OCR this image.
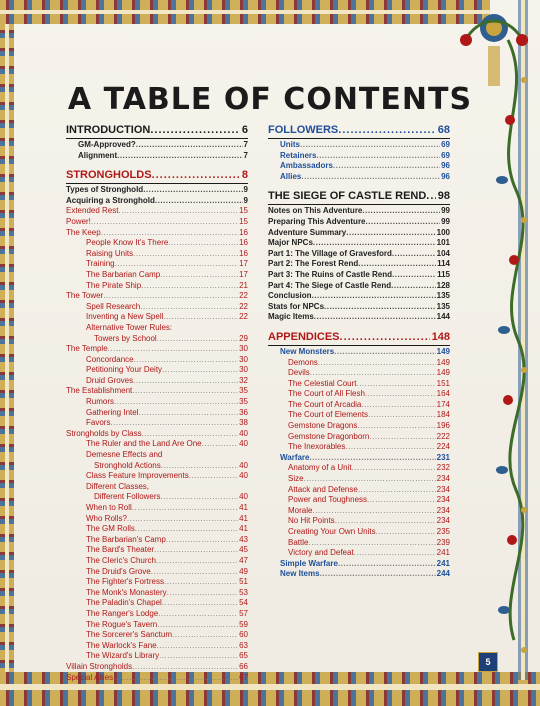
5
A TABLE OF CONTENTS
INTRODUCTION .....	6
GM-Approved? .....	7
Alignment .....	7
STRONGHOLDS .....	8
Types of Stronghold .....	9
Acquiring a Stronghold .....	9
Extended Rest .....	15
Power! .....	15
The Keep .....	16
People Know It's There .....	16
Raising Units .....	16
Training .....	17
The Barbarian Camp .....	17
The Pirate Ship .....	21
The Tower .....	22
Spell Research .....	22
Inventing a New Spell .....	22
Alternative Tower Rules:
Towers by School .....	29
The Temple .....	30
Concordance .....	30
Petitioning Your Deity .....	30
Druid Groves .....	32
The Establishment .....	35
Rumors .....	35
Gathering Intel .....	36
Favors .....	38
Strongholds by Class .....	40
The Ruler and the Land Are One .....	40
Demesne Effects and
Stronghold Actions .....	40
Class Feature Improvements .....	40
Different Classes,
Different Followers .....	40
When to Roll .....	41
Who Rolls? .....	41
The GM Rolls .....	41
The Barbarian's Camp .....	43
The Bard's Theater .....	45
The Cleric's Church .....	47
The Druid's Grove .....	49
The Fighter's Fortress .....	51
The Monk's Monastery .....	53
The Paladin's Chapel .....	54
The Ranger's Lodge .....	57
The Rogue's Tavern .....	59
The Sorcerer's Sanctum .....	60
The Warlock's Fane .....	63
The Wizard's Library .....	65
Villain Strongholds .....	66
Special Allies .....	67
FOLLOWERS .....	68
Units .....	69
Retainers .....	69
Ambassadors .....	96
Allies .....	96
THE SIEGE OF CASTLE REND ..... 98
Notes on This Adventure .....	99
Preparing This Adventure .....	99
Adventure Summary .....	100
Major NPCs .....	101
Part 1: The Village of Gravesford .....	104
Part 2: The Forest Rend .....	114
Part 3: The Ruins of Castle Rend .....	115
Part 4: The Siege of Castle Rend .....	128
Conclusion .....	135
Stats for NPCs .....	135
Magic Items .....	144
APPENDICES .....	148
New Monsters .....	149
Demons .....	149
Devils .....	149
The Celestial Court .....	151
The Court of All Flesh .....	164
The Court of Arcadia .....	174
The Court of Elements .....	184
Gemstone Dragons .....	196
Gemstone Dragonborn .....	222
The Inexorables .....	224
Warfare .....	231
Anatomy of a Unit .....	232
Size .....	234
Attack and Defense .....	234
Power and Toughness .....	234
Morale .....	234
No Hit Points .....	234
Creating Your Own Units .....	235
Battle .....	239
Victory and Defeat .....	241
Simple Warfare .....	241
New Items .....	244
